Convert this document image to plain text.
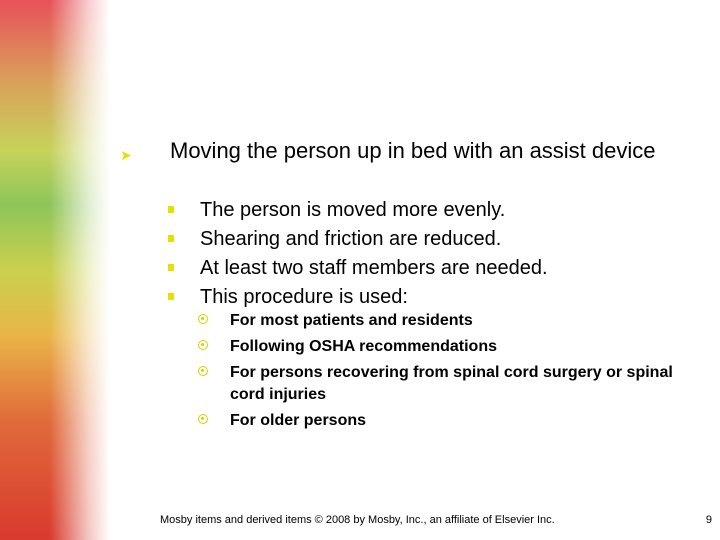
➤	Moving the person up in bed with an assist device
The person is moved more evenly.
Shearing and friction are reduced.
At least two staff members are needed.
This procedure is used:
For most patients and residents
Following OSHA recommendations
For persons recovering from spinal cord surgery or spinal cord injuries
For older persons
Mosby items and derived items © 2008 by Mosby, Inc., an affiliate of Elsevier Inc.	9
